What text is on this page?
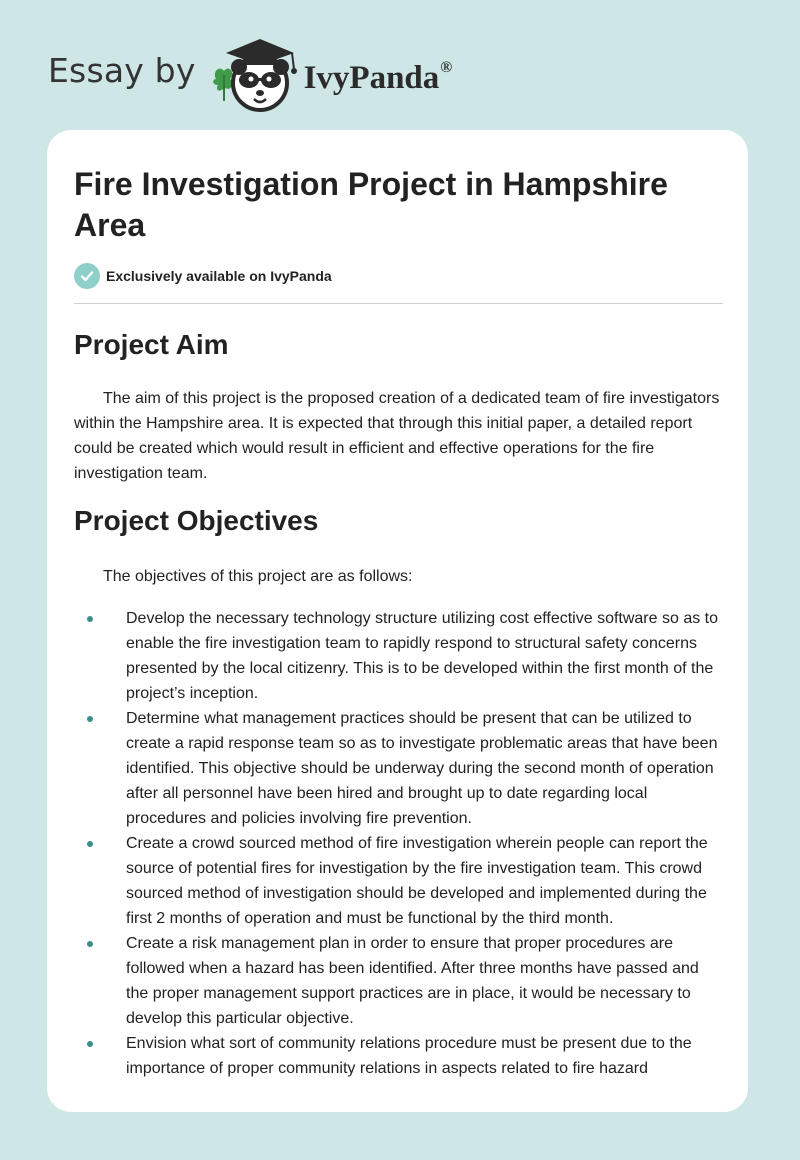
Essay by	IvyPanda®
Fire Investigation Project in Hampshire Area
Exclusively available on IvyPanda
Project Aim

The aim of this project is the proposed creation of a dedicated team of fire investigators within the Hampshire area. It is expected that through this initial paper, a detailed report could be created which would result in efficient and effective operations for the fire investigation team.

Project Objectives

The objectives of this project are as follows:

Develop the necessary technology structure utilizing cost effective software so as to enable the fire investigation team to rapidly respond to structural safety concerns presented by the local citizenry. This is to be developed within the first month of the project’s inception.
Determine what management practices should be present that can be utilized to create a rapid response team so as to investigate problematic areas that have been identified. This objective should be underway during the second month of operation after all personnel have been hired and brought up to date regarding local procedures and policies involving fire prevention.
Create a crowd sourced method of fire investigation wherein people can report the source of potential fires for investigation by the fire investigation team. This crowd sourced method of investigation should be developed and implemented during the first 2 months of operation and must be functional by the third month.
Create a risk management plan in order to ensure that proper procedures are followed when a hazard has been identified. After three months have passed and the proper management support practices are in place, it would be necessary to develop this particular objective.
Envision what sort of community relations procedure must be present due to the importance of proper community relations in aspects related to fire hazard
